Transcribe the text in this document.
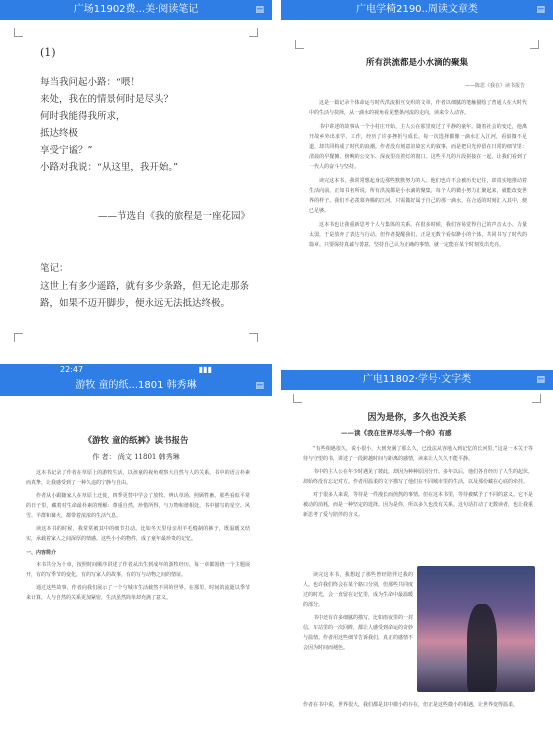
广场11902费...美·阅读笔记	▤
(1)
每当我问起小路：“喂！
来处，我在的情景何时是尽头？
何时我能得我所求，
抵达终极
享受宁谧？”
小路对我说：“从这里，我开始。”
——节选自《我的旅程是一座花园》
笔记：
这世上有多少遥路，就有多少条路，但无论走那条路，如果不迈开脚步，便永远无法抵达终极。
广电学椅2190..周读文章类	▤
所有洪流都是小水滴的聚集
——陈思《我在》读书报告

这是一篇记录个体命运与时代洪流相互交织的文章，作者以细腻的笔触描绘了普通人在大时代中的生活与抉择，从一滴水的视角看见整条河流的走向，读来令人动容。

书中讲述的故事从一个小村庄开始，主人公在那里度过了平静的童年。随着社会的变迁，他离开故乡外出求学、工作，经历了许多挫折与成长。每一次选择都像一滴水汇入江河，看似微不足道，却共同构成了时代的浪潮。作者没有刻意渲染宏大的叙事，而是把目光停留在日常的细节里：清晨的早餐摊、傍晚的公交车、深夜里亮着灯的窗口。这些平凡的片段拼接在一起，让我们看到了一代人的奋斗与坚持。

读完这本书，我常常想起身边那些默默努力的人。他们也许不会被历史记住，却真实地推动着生活向前。正如书名所说，所有洪流都是小水滴的聚集，每个人的微小努力汇聚起来，就能改变世界的样子。我们不必羡慕奔腾的江河，只需做好属于自己的那一滴水，在合适的时刻汇入其中，便已足够。

这本书也让我重新思考个人与集体的关系。在很多时候，我们容易觉得自己的声音太小、力量太弱，于是放弃了表达与行动。但作者提醒我们，正是无数个看似渺小的个体，共同书写了时代的篇章。只要保持真诚与善意，坚持自己认为正确的事情，就一定能在某个时刻发出光亮。

22:47	▮▮▮
游牧 童的纸...1801 韩秀琳	▤
《游牧 童的纸裤》读书报告
作 者： 尚文 11801 韩秀琳

这本书记录了作者在草原上的游牧生活，以孩童的视角观察大自然与人的关系。书中的语言朴素而真挚，让我感受到了一种久违的宁静与自由。

作者从小跟随家人在草原上迁徙，四季更替中学会了放牧、辨认草场、照顾牲畜。那些看似平常的日子里，藏着对生命最朴素的理解：尊重自然，珍惜所得，与万物和谐相处。书中描写的星空、风雪、羊群和篝火，都带着浓浓的生活气息。

读这本书的时候，我常常被其中的细节打动。比如冬天里母亲用羊毛缝制的裤子，既温暖又结实，承载着家人之间深厚的情感。这些小小的物件，成了童年最珍贵的记忆。

一、内容简介

本书共分为十章，按照时间顺序讲述了作者从出生到成年的游牧经历。每一章都围绕一个主题展开，有的写季节的变化，有的写家人的故事，有的写与动物之间的情谊。

通过这些故事，作者向我们展示了一个与城市生活截然不同的世界。在那里，时间的流逝以季节来计算，人与自然的关系更加紧密，生活虽然简单却充满了意义。

广电11802·学号·文字类	▤
因为是你，多久也没关系
——读《我在世界尽头等一个你》有感

“有些相遇很久，说小很小，大到充满了那么久，已没法从容地入到记忆的长河里。”这是一本关于等待与守望的书，讲述了一段跨越时间与距离的感情，读来让人久久不能平静。

书中的主人公在年少时遇见了彼此，却因为种种原因分开。多年以后，他们各自经历了人生的起伏，却始终没有忘记对方。作者用温柔的文字描写了他们在不同城市里的生活，以及那份藏在心底的牵挂。

对于很多人来说，等待是一件漫长而煎熬的事情。但在这本书里，等待被赋予了不同的意义。它不是被动的消耗，而是一种坚定的选择。因为是你，所以多久也没有关系。这句话打动了无数读者，也让我重新思考了爱与陪伴的含义。

读完这本书，我想起了那些曾经陪伴过我的人。也许我们终会在某个路口分别，但那些共同度过的时光，会一直留在记忆里，成为生命中最温暖的部分。

书中还有许多细腻的描写，比如雨夜里的一封信，车站里的一次回眸，都让人感受到命运的奇妙与温情。作者用这些细节告诉我们，真正的感情不会因为时间而褪色。

作者在书中说，世界很大，我们都是其中微小的存在，但正是这些微小的相遇，让世界变得温柔。
